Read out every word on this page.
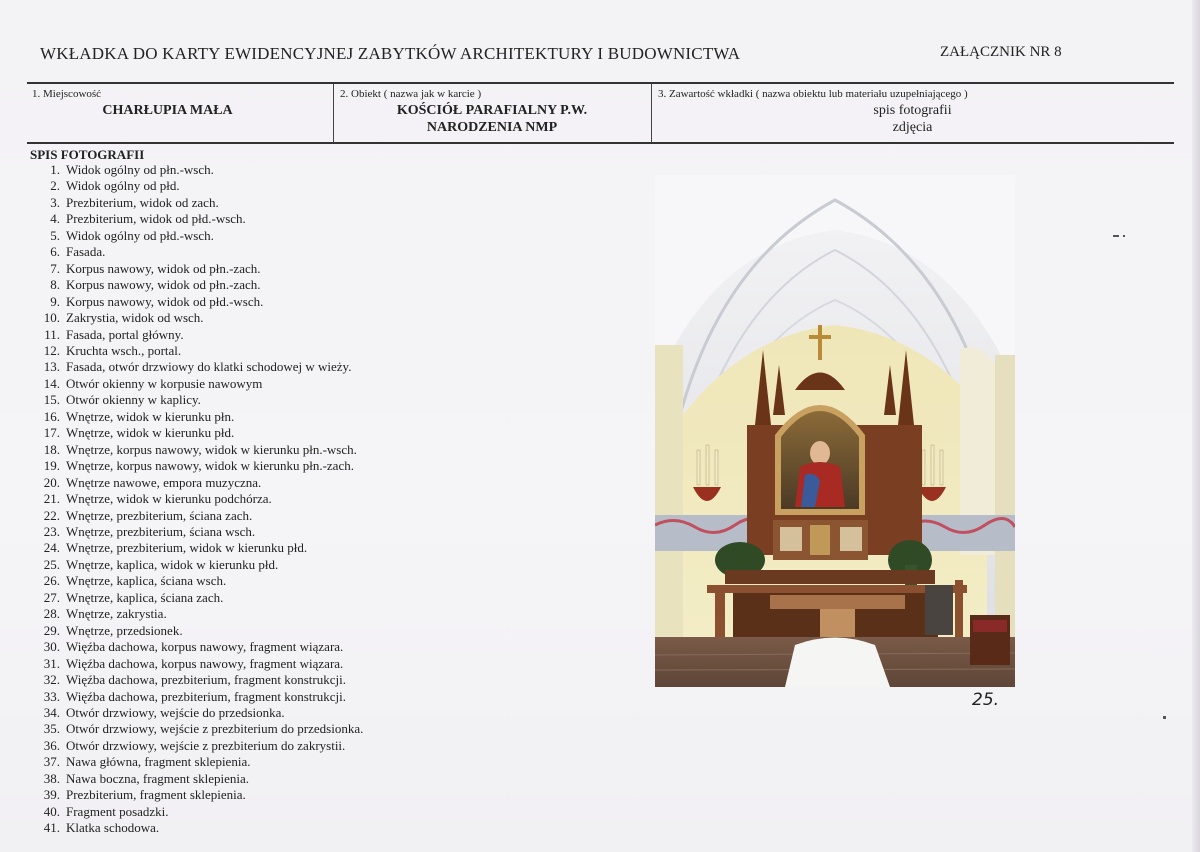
WKŁADKA DO KARTY EWIDENCYJNEJ ZABYTKÓW ARCHITEKTURY I BUDOWNICTWA	ZAŁĄCZNIK NR 8
1. Miejscowość
CHARŁUPIA MAŁA
2. Obiekt ( nazwa jak w karcie )
KOŚCIÓŁ PARAFIALNY P.W.
NARODZENIA NMP
3. Zawartość wkładki ( nazwa obiektu lub materiału uzupełniającego )
spis fotografii
zdjęcia
SPIS FOTOGRAFII
1. Widok ogólny od płn.-wsch.
2. Widok ogólny od płd.
3. Prezbiterium, widok od zach.
4. Prezbiterium, widok od płd.-wsch.
5. Widok ogólny od płd.-wsch.
6. Fasada.
7. Korpus nawowy, widok od płn.-zach.
8. Korpus nawowy, widok od płn.-zach.
9. Korpus nawowy, widok od płd.-wsch.
10. Zakrystia, widok od wsch.
11. Fasada, portal główny.
12. Kruchta wsch., portal.
13. Fasada, otwór drzwiowy do klatki schodowej w wieży.
14. Otwór okienny w korpusie nawowym
15. Otwór okienny w kaplicy.
16. Wnętrze, widok w kierunku płn.
17. Wnętrze, widok w kierunku płd.
18. Wnętrze, korpus nawowy, widok w kierunku płn.-wsch.
19. Wnętrze, korpus nawowy, widok w kierunku płn.-zach.
20. Wnętrze nawowe, empora muzyczna.
21. Wnętrze, widok w kierunku podchórza.
22. Wnętrze, prezbiterium, ściana zach.
23. Wnętrze, prezbiterium, ściana wsch.
24. Wnętrze, prezbiterium, widok w kierunku płd.
25. Wnętrze, kaplica, widok w kierunku płd.
26. Wnętrze, kaplica, ściana wsch.
27. Wnętrze, kaplica, ściana zach.
28. Wnętrze, zakrystia.
29. Wnętrze, przedsionek.
30. Więźba dachowa, korpus nawowy, fragment wiązara.
31. Więźba dachowa, korpus nawowy, fragment wiązara.
32. Więźba dachowa, prezbiterium, fragment konstrukcji.
33. Więźba dachowa, prezbiterium, fragment konstrukcji.
34. Otwór drzwiowy, wejście do przedsionka.
35. Otwór drzwiowy, wejście z prezbiterium do przedsionka.
36. Otwór drzwiowy, wejście z prezbiterium do zakrystii.
37. Nawa główna, fragment sklepienia.
38. Nawa boczna, fragment sklepienia.
39. Prezbiterium, fragment sklepienia.
40. Fragment posadzki.
41. Klatka schodowa.
25.
